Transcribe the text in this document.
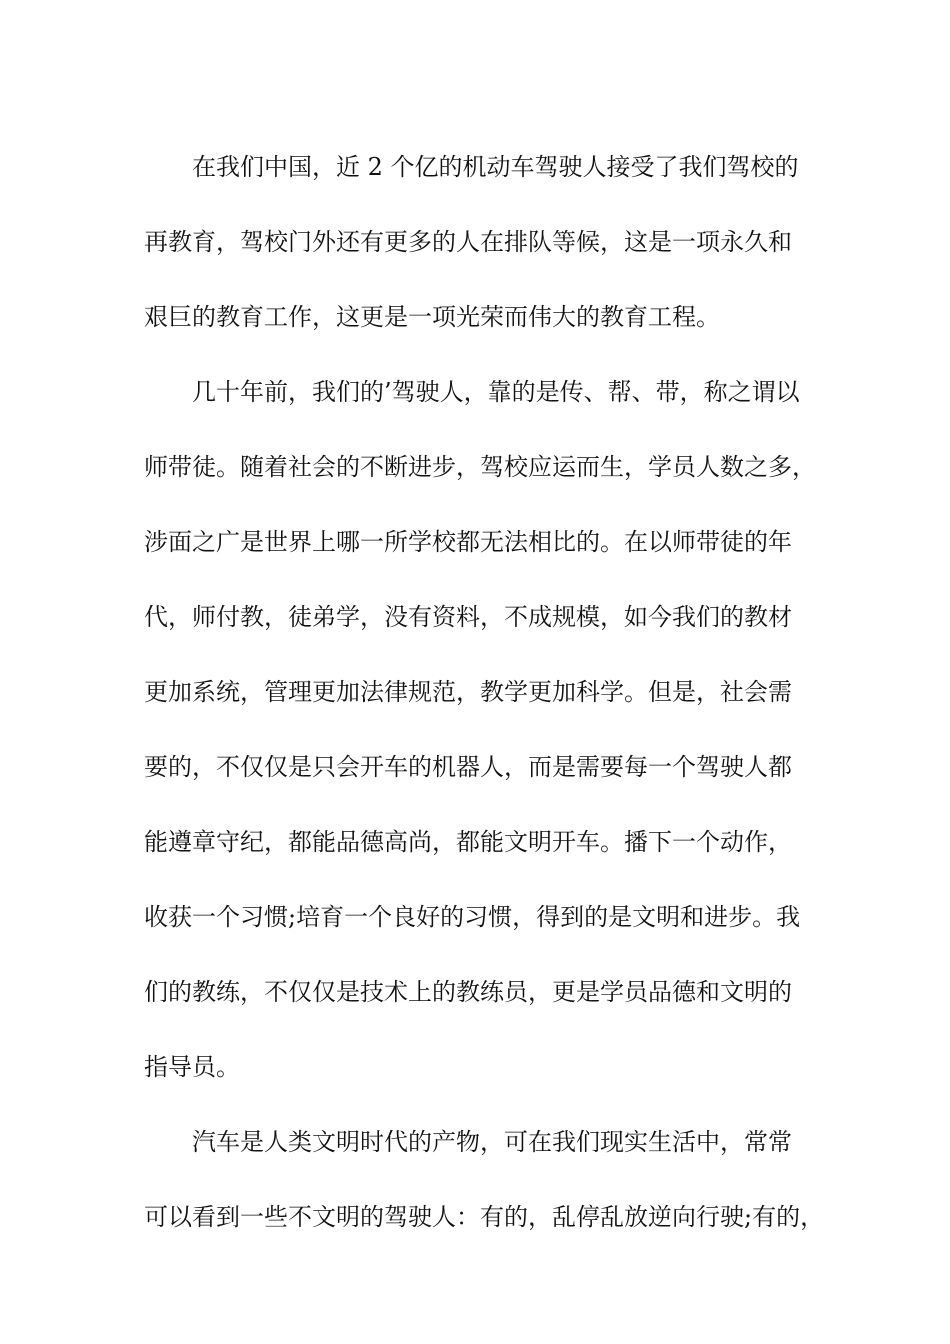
在我们中国，近 2 个亿的机动车驾驶人接受了我们驾校的
再教育，驾校门外还有更多的人在排队等候，这是一项永久和
艰巨的教育工作，这更是一项光荣而伟大的教育工程。
几十年前，我们的’驾驶人，靠的是传、帮、带，称之谓以
师带徒。随着社会的不断进步，驾校应运而生，学员人数之多，
涉面之广是世界上哪一所学校都无法相比的。在以师带徒的年
代，师付教，徒弟学，没有资料，不成规模，如今我们的教材
更加系统，管理更加法律规范，教学更加科学。但是，社会需
要的，不仅仅是只会开车的机器人，而是需要每一个驾驶人都
能遵章守纪，都能品德高尚，都能文明开车。播下一个动作，
收获一个习惯;培育一个良好的习惯，得到的是文明和进步。我
们的教练，不仅仅是技术上的教练员，更是学员品德和文明的
指导员。
汽车是人类文明时代的产物，可在我们现实生活中，常常
可以看到一些不文明的驾驶人：有的，乱停乱放逆向行驶;有的，
